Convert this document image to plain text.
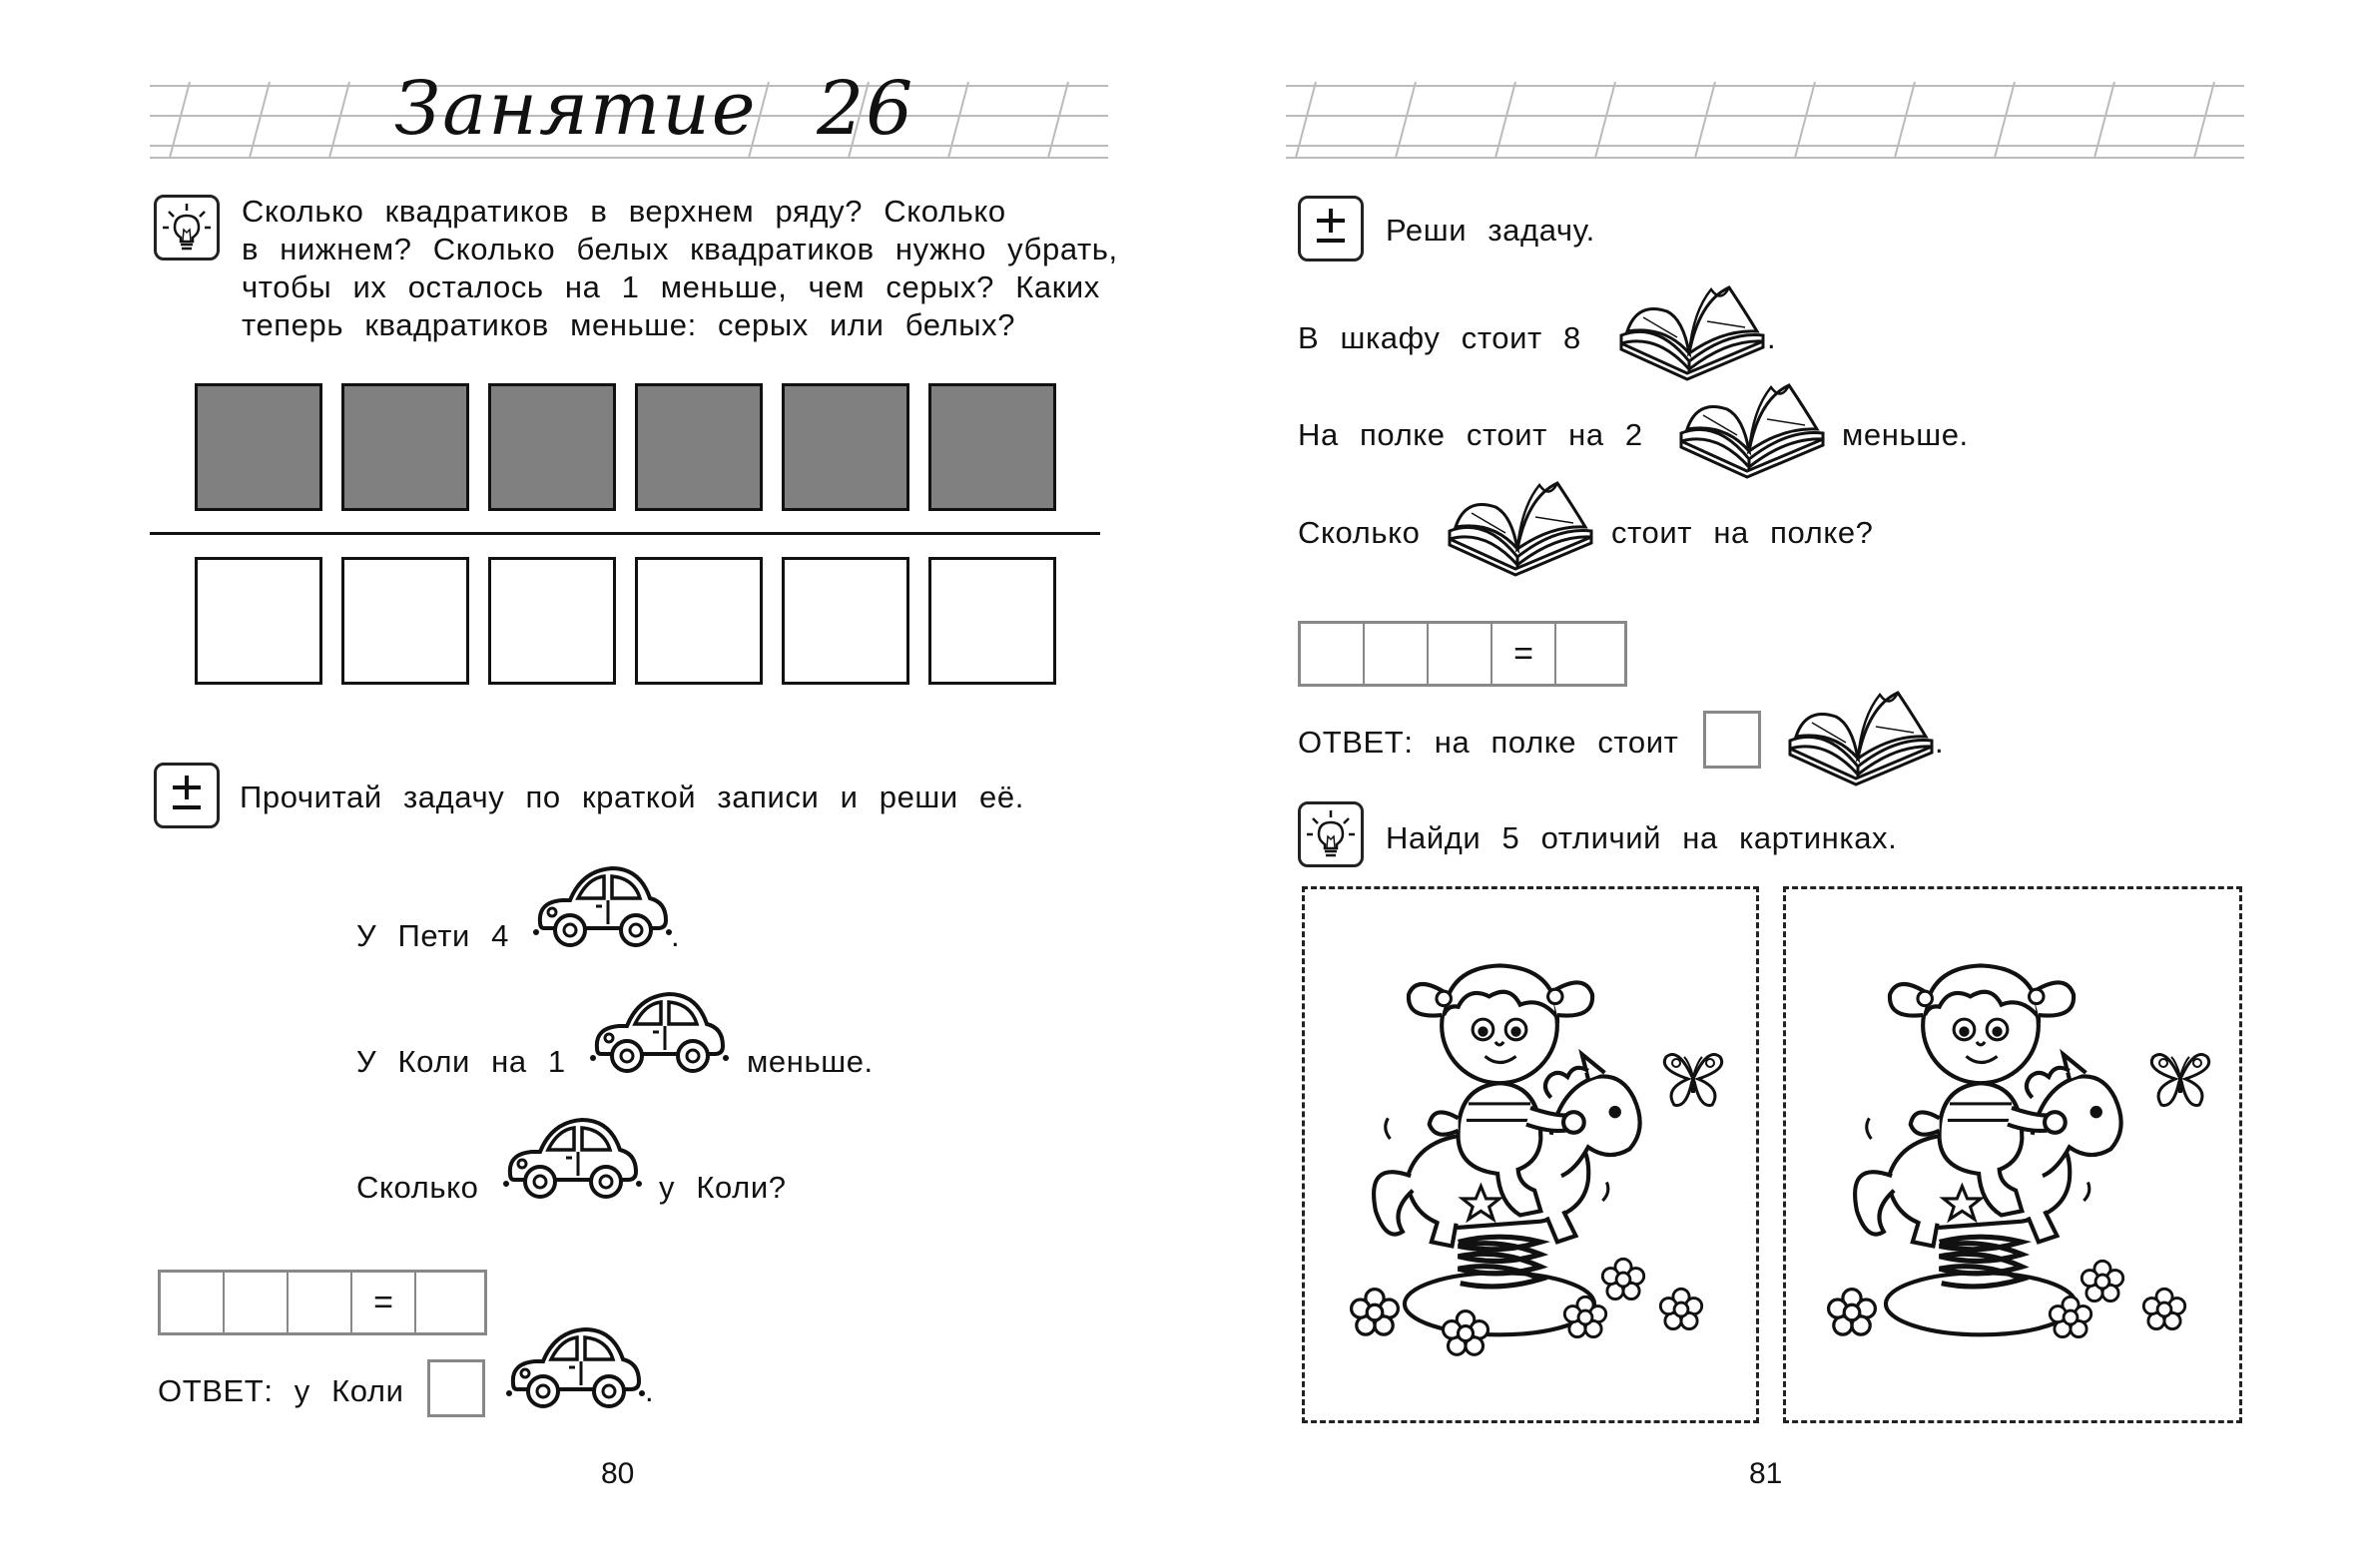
Занятие 26
Сколько квадратиков в верхнем ряду? Сколько
в нижнем? Сколько белых квадратиков нужно убрать,
чтобы их осталось на 1 меньше, чем серых? Каких
теперь квадратиков меньше: серых или белых?
Прочитай задачу по краткой записи и реши её.
У Пети 4	.
У Коли на 1	меньше.
Сколько	у Коли?
=
ОТВЕТ: у Коли	.
80
Реши задачу.
В шкафу стоит 8	.
На полке стоит на 2	меньше.
Сколько	стоит на полке?
=
ОТВЕТ: на полке стоит	.
Найди 5 отличий на картинках.
81
